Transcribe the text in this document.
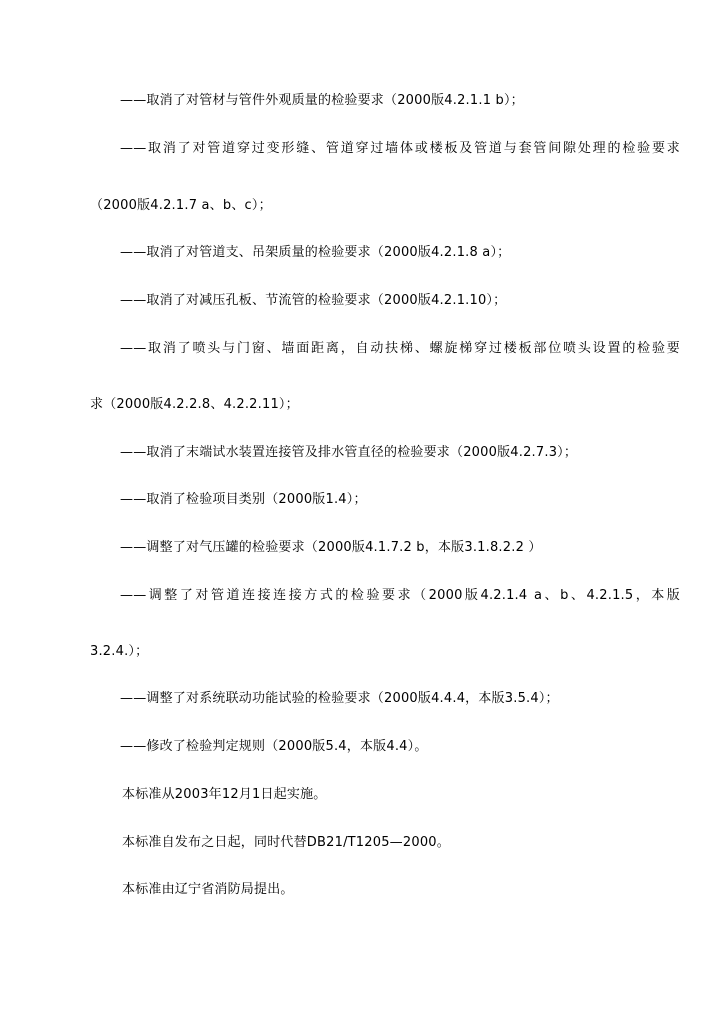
——取消了对管材与管件外观质量的检验要求（2000版4.2.1.1 b）；
——取消了对管道穿过变形缝、管道穿过墙体或楼板及管道与套管间隙处理的检验要求
（2000版4.2.1.7 a、b、c）；
——取消了对管道支、吊架质量的检验要求（2000版4.2.1.8 a）；
——取消了对减压孔板、节流管的检验要求（2000版4.2.1.10）；
——取消了喷头与门窗、墙面距离，自动扶梯、螺旋梯穿过楼板部位喷头设置的检验要
求（2000版4.2.2.8、4.2.2.11）；
——取消了末端试水装置连接管及排水管直径的检验要求（2000版4.2.7.3）；
——取消了检验项目类别（2000版1.4）；
——调整了对气压罐的检验要求（2000版4.1.7.2 b，本版3.1.8.2.2 ）
——调整了对管道连接连接方式的检验要求（2000版4.2.1.4 a、b、4.2.1.5，本版
3.2.4.）；
——调整了对系统联动功能试验的检验要求（2000版4.4.4，本版3.5.4）；
——修改了检验判定规则（2000版5.4，本版4.4）。
本标准从2003年12月1日起实施。
本标准自发布之日起，同时代替DB21/T1205—2000。
本标准由辽宁省消防局提出。
